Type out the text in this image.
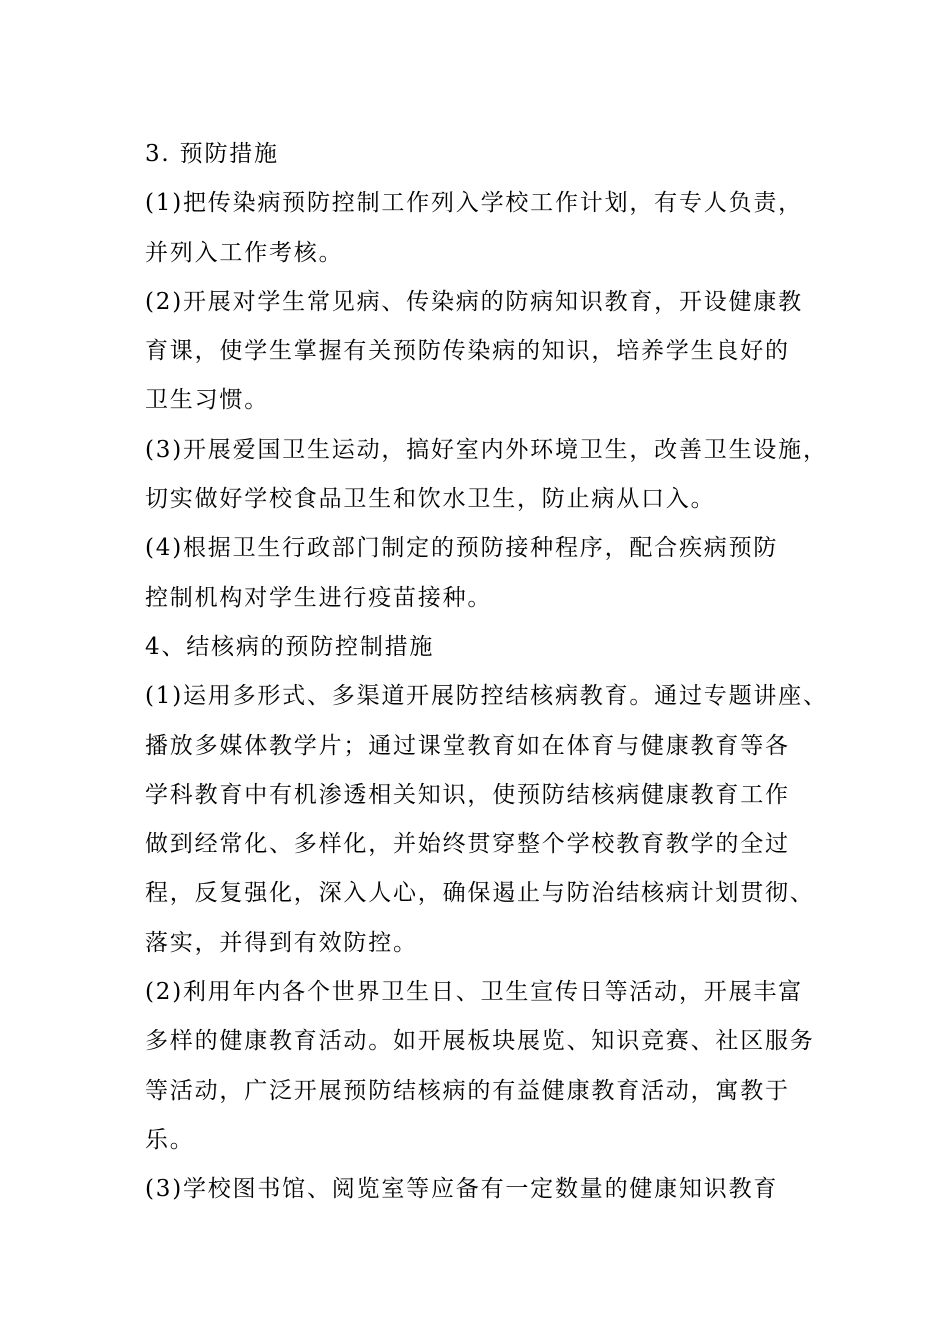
3. 预防措施
(1)把传染病预防控制工作列入学校工作计划，有专人负责，
并列入工作考核。
(2)开展对学生常见病、传染病的防病知识教育，开设健康教
育课，使学生掌握有关预防传染病的知识，培养学生良好的
卫生习惯。
(3)开展爱国卫生运动，搞好室内外环境卫生，改善卫生设施，
切实做好学校食品卫生和饮水卫生，防止病从口入。
(4)根据卫生行政部门制定的预防接种程序，配合疾病预防
控制机构对学生进行疫苗接种。
4、结核病的预防控制措施
(1)运用多形式、多渠道开展防控结核病教育。通过专题讲座、
播放多媒体教学片；通过课堂教育如在体育与健康教育等各
学科教育中有机渗透相关知识，使预防结核病健康教育工作
做到经常化、多样化，并始终贯穿整个学校教育教学的全过
程，反复强化，深入人心，确保遏止与防治结核病计划贯彻、
落实，并得到有效防控。
(2)利用年内各个世界卫生日、卫生宣传日等活动，开展丰富
多样的健康教育活动。如开展板块展览、知识竞赛、社区服务
等活动，广泛开展预防结核病的有益健康教育活动，寓教于
乐。
(3)学校图书馆、阅览室等应备有一定数量的健康知识教育
